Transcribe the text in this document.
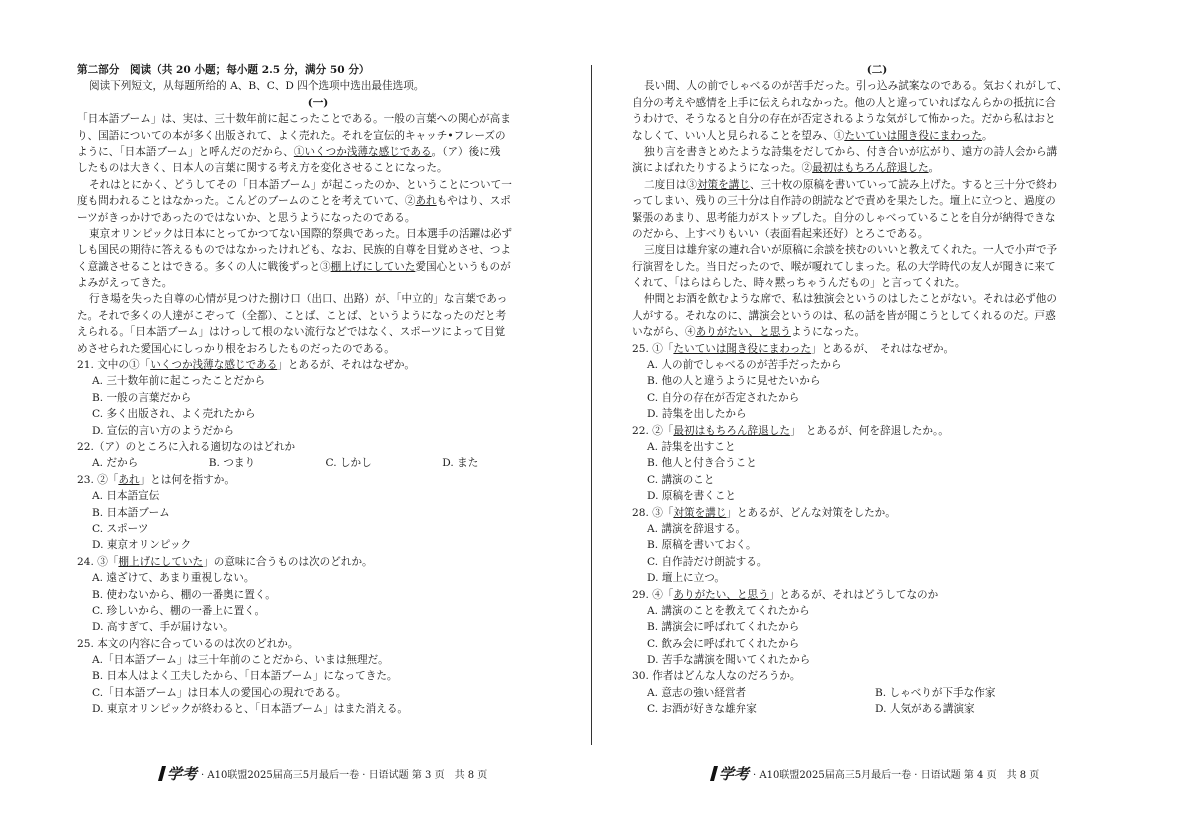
第二部分　阅读（共 20 小题；每小题 2.5 分，满分 50 分）
阅读下列短文，从每题所给的 A、B、C、D 四个选项中选出最佳选项。
(一)
「日本語ブーム」は、実は、三十数年前に起こったことである。一般の言葉への関心が高ま
り、国語についての本が多く出版されて、よく売れた。それを宣伝的キャッチ•フレーズの
ように、「日本語ブーム」と呼んだのだから、①いくつか浅薄な感じである。（ア）後に残
したものは大きく、日本人の言葉に関する考え方を変化させることになった。
それはとにかく、どうしてその「日本語ブーム」が起こったのか、ということについて一
度も問われることはなかった。こんどのブームのことを考えていて、②あれもやはり、スポ
ーツがきっかけであったのではないか、と思うようになったのである。
東京オリンピックは日本にとってかつてない国際的祭典であった。日本選手の活躍は必ず
しも国民の期待に答えるものではなかったけれども、なお、民族的自尊を目覚めさせ、つよ
く意識させることはできる。多くの人に戦後ずっと③棚上げにしていた愛国心というものが
よみがえってきた。
行き場を失った自尊の心情が見つけた捌け口（出口、出路）が、「中立的」な言葉であっ
た。それで多くの人達がこぞって（全都）、ことば、ことば、というようになったのだと考
えられる。「日本語ブーム」はけっして根のない流行などではなく、スポーツによって目覚
めさせられた愛国心にしっかり根をおろしたものだったのである。
21. 文中の①「いくつか浅薄な感じである」とあるが、それはなぜか。
A. 三十数年前に起こったことだから
B. 一般の言葉だから
C. 多く出版され、よく売れたから
D. 宣伝的言い方のようだから
22.（ア）のところに入れる適切なのはどれか
A. だから	B. つまり	C. しかし	D. また
23. ②「あれ」とは何を指すか。
A. 日本語宣伝
B. 日本語ブーム
C. スポーツ
D. 東京オリンピック
24. ③「棚上げにしていた」の意味に合うものは次のどれか。
A. 遠ざけて、あまり重視しない。
B. 使わないから、棚の一番奥に置く。
C. 珍しいから、棚の一番上に置く。
D. 高すぎて、手が届けない。
25. 本文の内容に合っているのは次のどれか。
A.「日本語ブーム」は三十年前のことだから、いまは無理だ。
B. 日本人はよく工夫したから、「日本語ブーム」になってきた。
C.「日本語ブーム」は日本人の愛国心の現れである。
D. 東京オリンピックが終わると、「日本語ブーム」はまた消える。
(二)
長い間、人の前でしゃべるのが苦手だった。引っ込み試案なのである。気おくれがして、
自分の考えや感情を上手に伝えられなかった。他の人と違っていればなんらかの抵抗に合
うわけで、そうなると自分の存在が否定されるような気がして怖かった。だから私はおと
なしくて、いい人と見られることを望み、①たいていは聞き役にまわった。
独り言を書きとめたような詩集をだしてから、付き合いが広がり、遠方の詩人会から講
演によばれたりするようになった。②最初はもちろん辞退した。
二度目は③対策を講じ、三十枚の原稿を書いていって読み上げた。すると三十分で終わ
ってしまい、残りの三十分は自作詩の朗読などで責めを果たした。壇上に立つと、過度の
緊張のあまり、思考能力がストップした。自分のしゃべっていることを自分が納得できな
のだから、上すべりもいい（表面看起来还好）とろこである。
三度目は雄弁家の連れ合いが原稿に余談を挟むのいいと教えてくれた。一人で小声で予
行演習をした。当日だったので、喉が嗄れてしまった。私の大学時代の友人が聞きに来て
くれて、「はらはらした、時々黙っちゃうんだもの」と言ってくれた。
仲間とお酒を飲むような席で、私は独演会というのはしたことがない。それは必ず他の
人がする。それなのに、講演会というのは、私の話を皆が聞こうとしてくれるのだ。戸惑
いながら、④ありがたい、と思うようになった。
25. ①「たいていは聞き役にまわった」とあるが、　それはなぜか。
A. 人の前でしゃべるのが苦手だったから
B. 他の人と違うように見せたいから
C. 自分の存在が否定されたから
D. 詩集を出したから
22. ②「最初はもちろん辞退した」　とあるが、何を辞退したか。。
A. 詩集を出すこと
B. 他人と付き合うこと
C. 講演のこと
D. 原稿を書くこと
28. ③「対策を講じ」とあるが、どんな対策をしたか。
A. 講演を辞退する。
B. 原稿を書いておく。
C. 自作詩だけ朗読する。
D. 壇上に立つ。
29. ④「ありがたい、と思う」とあるが、それはどうしてなのか
A. 講演のことを教えてくれたから
B. 講演会に呼ばれてくれたから
C. 飲み会に呼ばれてくれたから
D. 苦手な講演を聞いてくれたから
30. 作者はどんな人なのだろうか。
A. 意志の強い経営者	B. しゃべりが下手な作家
C. お酒が好きな雄弁家	D. 人気がある講演家
学考 · A10联盟2025届高三5月最后一卷 · 日语试题 第 3 页　共 8 页	学考 · A10联盟2025届高三5月最后一卷 · 日语试题 第 4 页　共 8 页
